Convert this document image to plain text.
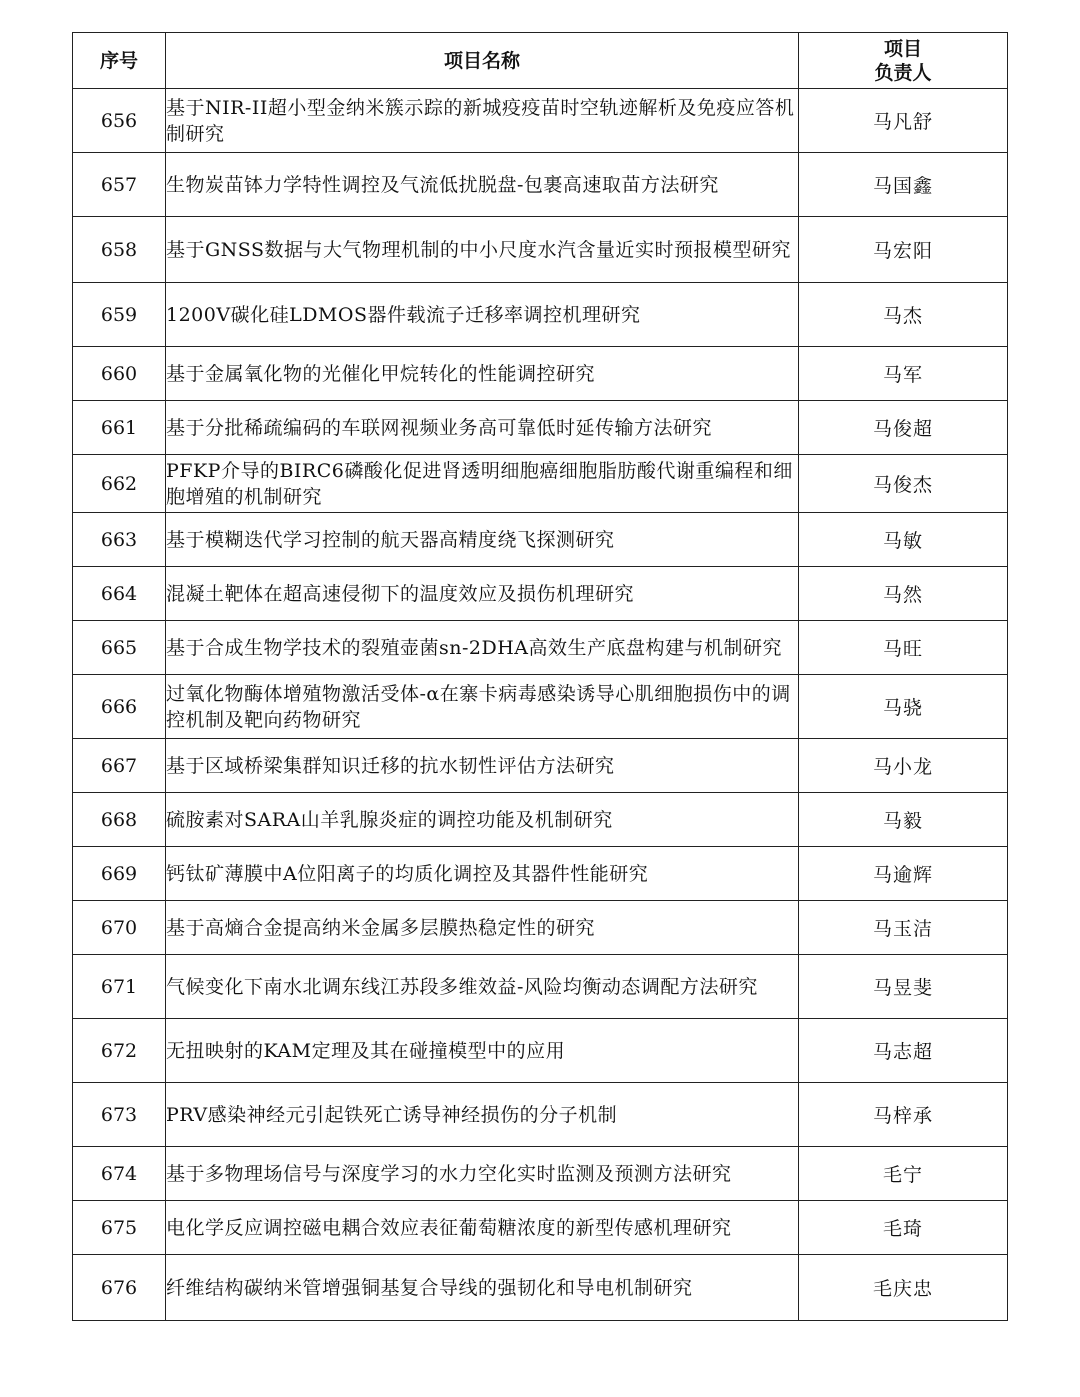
序号	项目名称	项目
负责人

656	基于NIR-II超小型金纳米簇示踪的新城疫疫苗时空轨迹解析及免疫应答机制研究	马凡舒
657	生物炭苗钵力学特性调控及气流低扰脱盘-包裹高速取苗方法研究	马国鑫
658	基于GNSS数据与大气物理机制的中小尺度水汽含量近实时预报模型研究	马宏阳
659	1200V碳化硅LDMOS器件载流子迁移率调控机理研究	马杰
660	基于金属氧化物的光催化甲烷转化的性能调控研究	马军
661	基于分批稀疏编码的车联网视频业务高可靠低时延传输方法研究	马俊超
662	PFKP介导的BIRC6磷酸化促进肾透明细胞癌细胞脂肪酸代谢重编程和细胞增殖的机制研究	马俊杰
663	基于模糊迭代学习控制的航天器高精度绕飞探测研究	马敏
664	混凝土靶体在超高速侵彻下的温度效应及损伤机理研究	马然
665	基于合成生物学技术的裂殖壶菌sn-2DHA高效生产底盘构建与机制研究	马旺
666	过氧化物酶体增殖物激活受体-α在寨卡病毒感染诱导心肌细胞损伤中的调控机制及靶向药物研究	马骁
667	基于区域桥梁集群知识迁移的抗水韧性评估方法研究	马小龙
668	硫胺素对SARA山羊乳腺炎症的调控功能及机制研究	马毅
669	钙钛矿薄膜中A位阳离子的均质化调控及其器件性能研究	马逾辉
670	基于高熵合金提高纳米金属多层膜热稳定性的研究	马玉洁
671	气候变化下南水北调东线江苏段多维效益-风险均衡动态调配方法研究	马昱斐
672	无扭映射的KAM定理及其在碰撞模型中的应用	马志超
673	PRV感染神经元引起铁死亡诱导神经损伤的分子机制	马梓承
674	基于多物理场信号与深度学习的水力空化实时监测及预测方法研究	毛宁
675	电化学反应调控磁电耦合效应表征葡萄糖浓度的新型传感机理研究	毛琦
676	纤维结构碳纳米管增强铜基复合导线的强韧化和导电机制研究	毛庆忠
